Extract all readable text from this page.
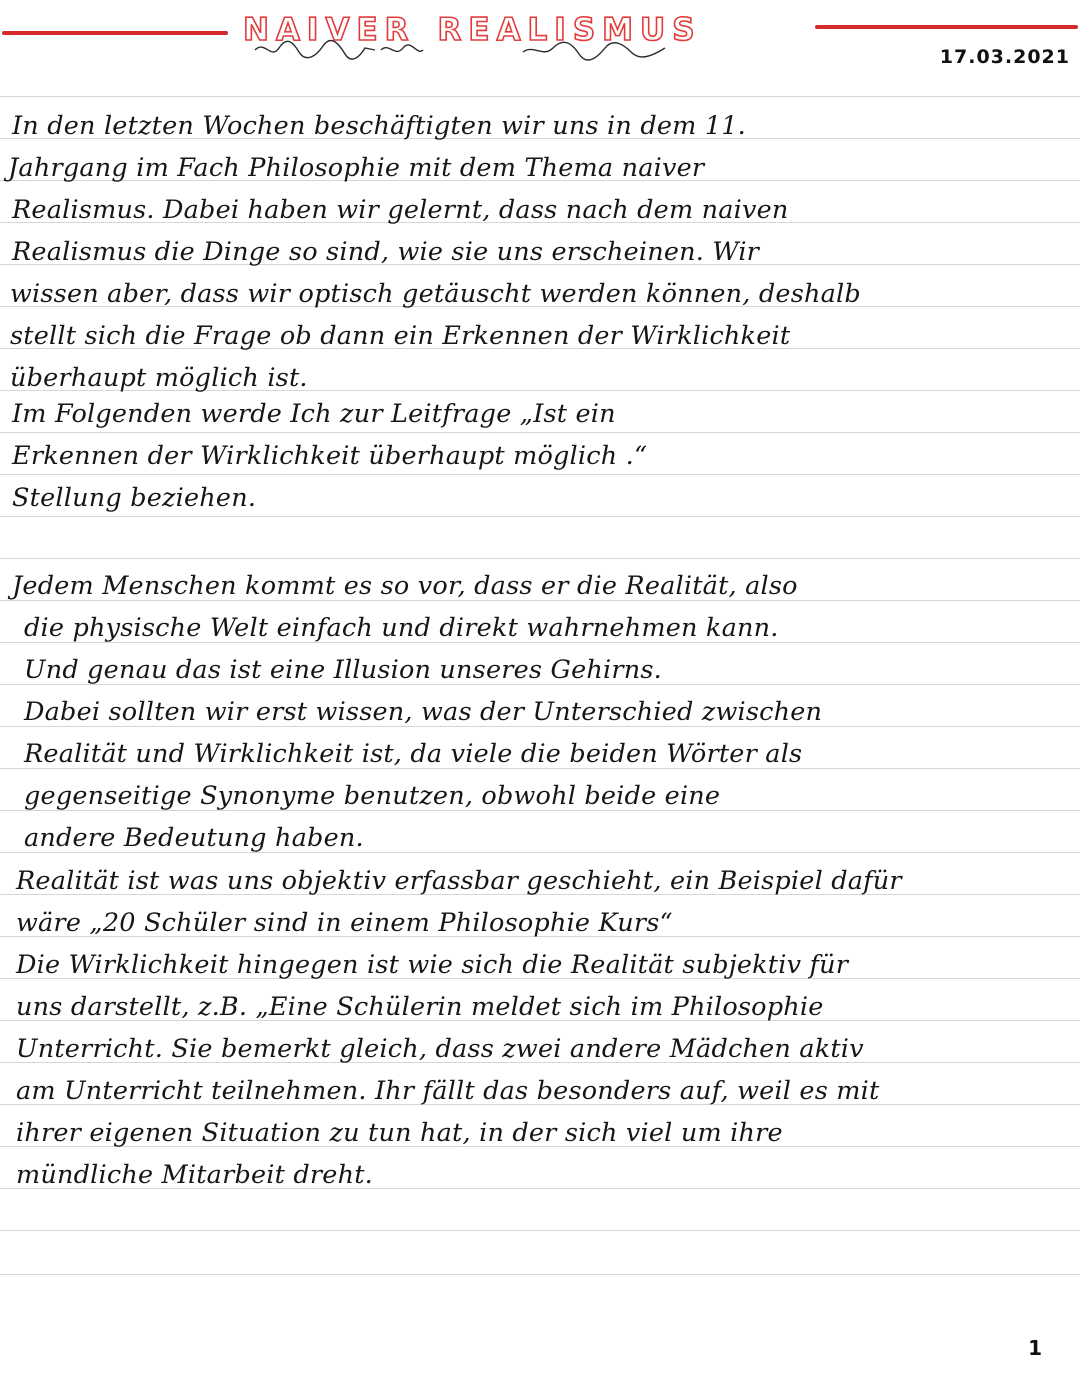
NAIVER REALISMUS
17.03.2021
In den letzten Wochen beschäftigten wir uns in dem 11.
Jahrgang im Fach Philosophie mit dem Thema naiver
Realismus. Dabei haben wir gelernt, dass nach dem naiven
Realismus die Dinge so sind, wie sie uns erscheinen. Wir
wissen aber, dass wir optisch getäuscht werden können, deshalb
stellt sich die Frage ob dann ein Erkennen der Wirklichkeit
überhaupt möglich ist.
Im Folgenden werde Ich zur Leitfrage „Ist ein
Erkennen der Wirklichkeit überhaupt möglich .“
Stellung beziehen.
Jedem Menschen kommt es so vor, dass er die Realität, also
die physische Welt einfach und direkt wahrnehmen kann.
Und genau das ist eine Illusion unseres Gehirns.
Dabei sollten wir erst wissen, was der Unterschied zwischen
Realität und Wirklichkeit ist, da viele die beiden Wörter als
gegenseitige Synonyme benutzen, obwohl beide eine
andere Bedeutung haben.
Realität ist was uns objektiv erfassbar geschieht, ein Beispiel dafür
wäre „20 Schüler sind in einem Philosophie Kurs“
Die Wirklichkeit hingegen ist wie sich die Realität subjektiv für
uns darstellt, z.B. „Eine Schülerin meldet sich im Philosophie
Unterricht. Sie bemerkt gleich, dass zwei andere Mädchen aktiv
am Unterricht teilnehmen. Ihr fällt das besonders auf, weil es mit
ihrer eigenen Situation zu tun hat, in der sich viel um ihre
mündliche Mitarbeit dreht.
1
